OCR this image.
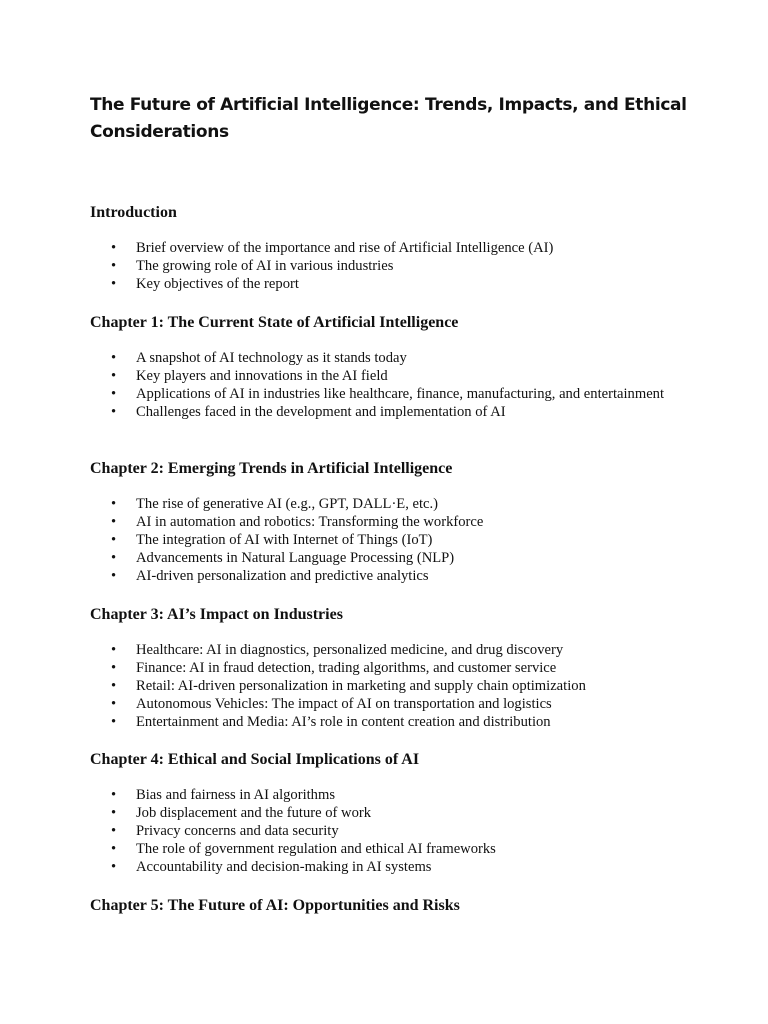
The Future of Artificial Intelligence: Trends, Impacts, and Ethical Considerations
Introduction
• Brief overview of the importance and rise of Artificial Intelligence (AI)
• The growing role of AI in various industries
• Key objectives of the report
Chapter 1: The Current State of Artificial Intelligence
• A snapshot of AI technology as it stands today
• Key players and innovations in the AI field
• Applications of AI in industries like healthcare, finance, manufacturing, and entertainment
• Challenges faced in the development and implementation of AI
Chapter 2: Emerging Trends in Artificial Intelligence
• The rise of generative AI (e.g., GPT, DALL·E, etc.)
• AI in automation and robotics: Transforming the workforce
• The integration of AI with Internet of Things (IoT)
• Advancements in Natural Language Processing (NLP)
• AI-driven personalization and predictive analytics
Chapter 3: AI’s Impact on Industries
• Healthcare: AI in diagnostics, personalized medicine, and drug discovery
• Finance: AI in fraud detection, trading algorithms, and customer service
• Retail: AI-driven personalization in marketing and supply chain optimization
• Autonomous Vehicles: The impact of AI on transportation and logistics
• Entertainment and Media: AI’s role in content creation and distribution
Chapter 4: Ethical and Social Implications of AI
• Bias and fairness in AI algorithms
• Job displacement and the future of work
• Privacy concerns and data security
• The role of government regulation and ethical AI frameworks
• Accountability and decision-making in AI systems
Chapter 5: The Future of AI: Opportunities and Risks
